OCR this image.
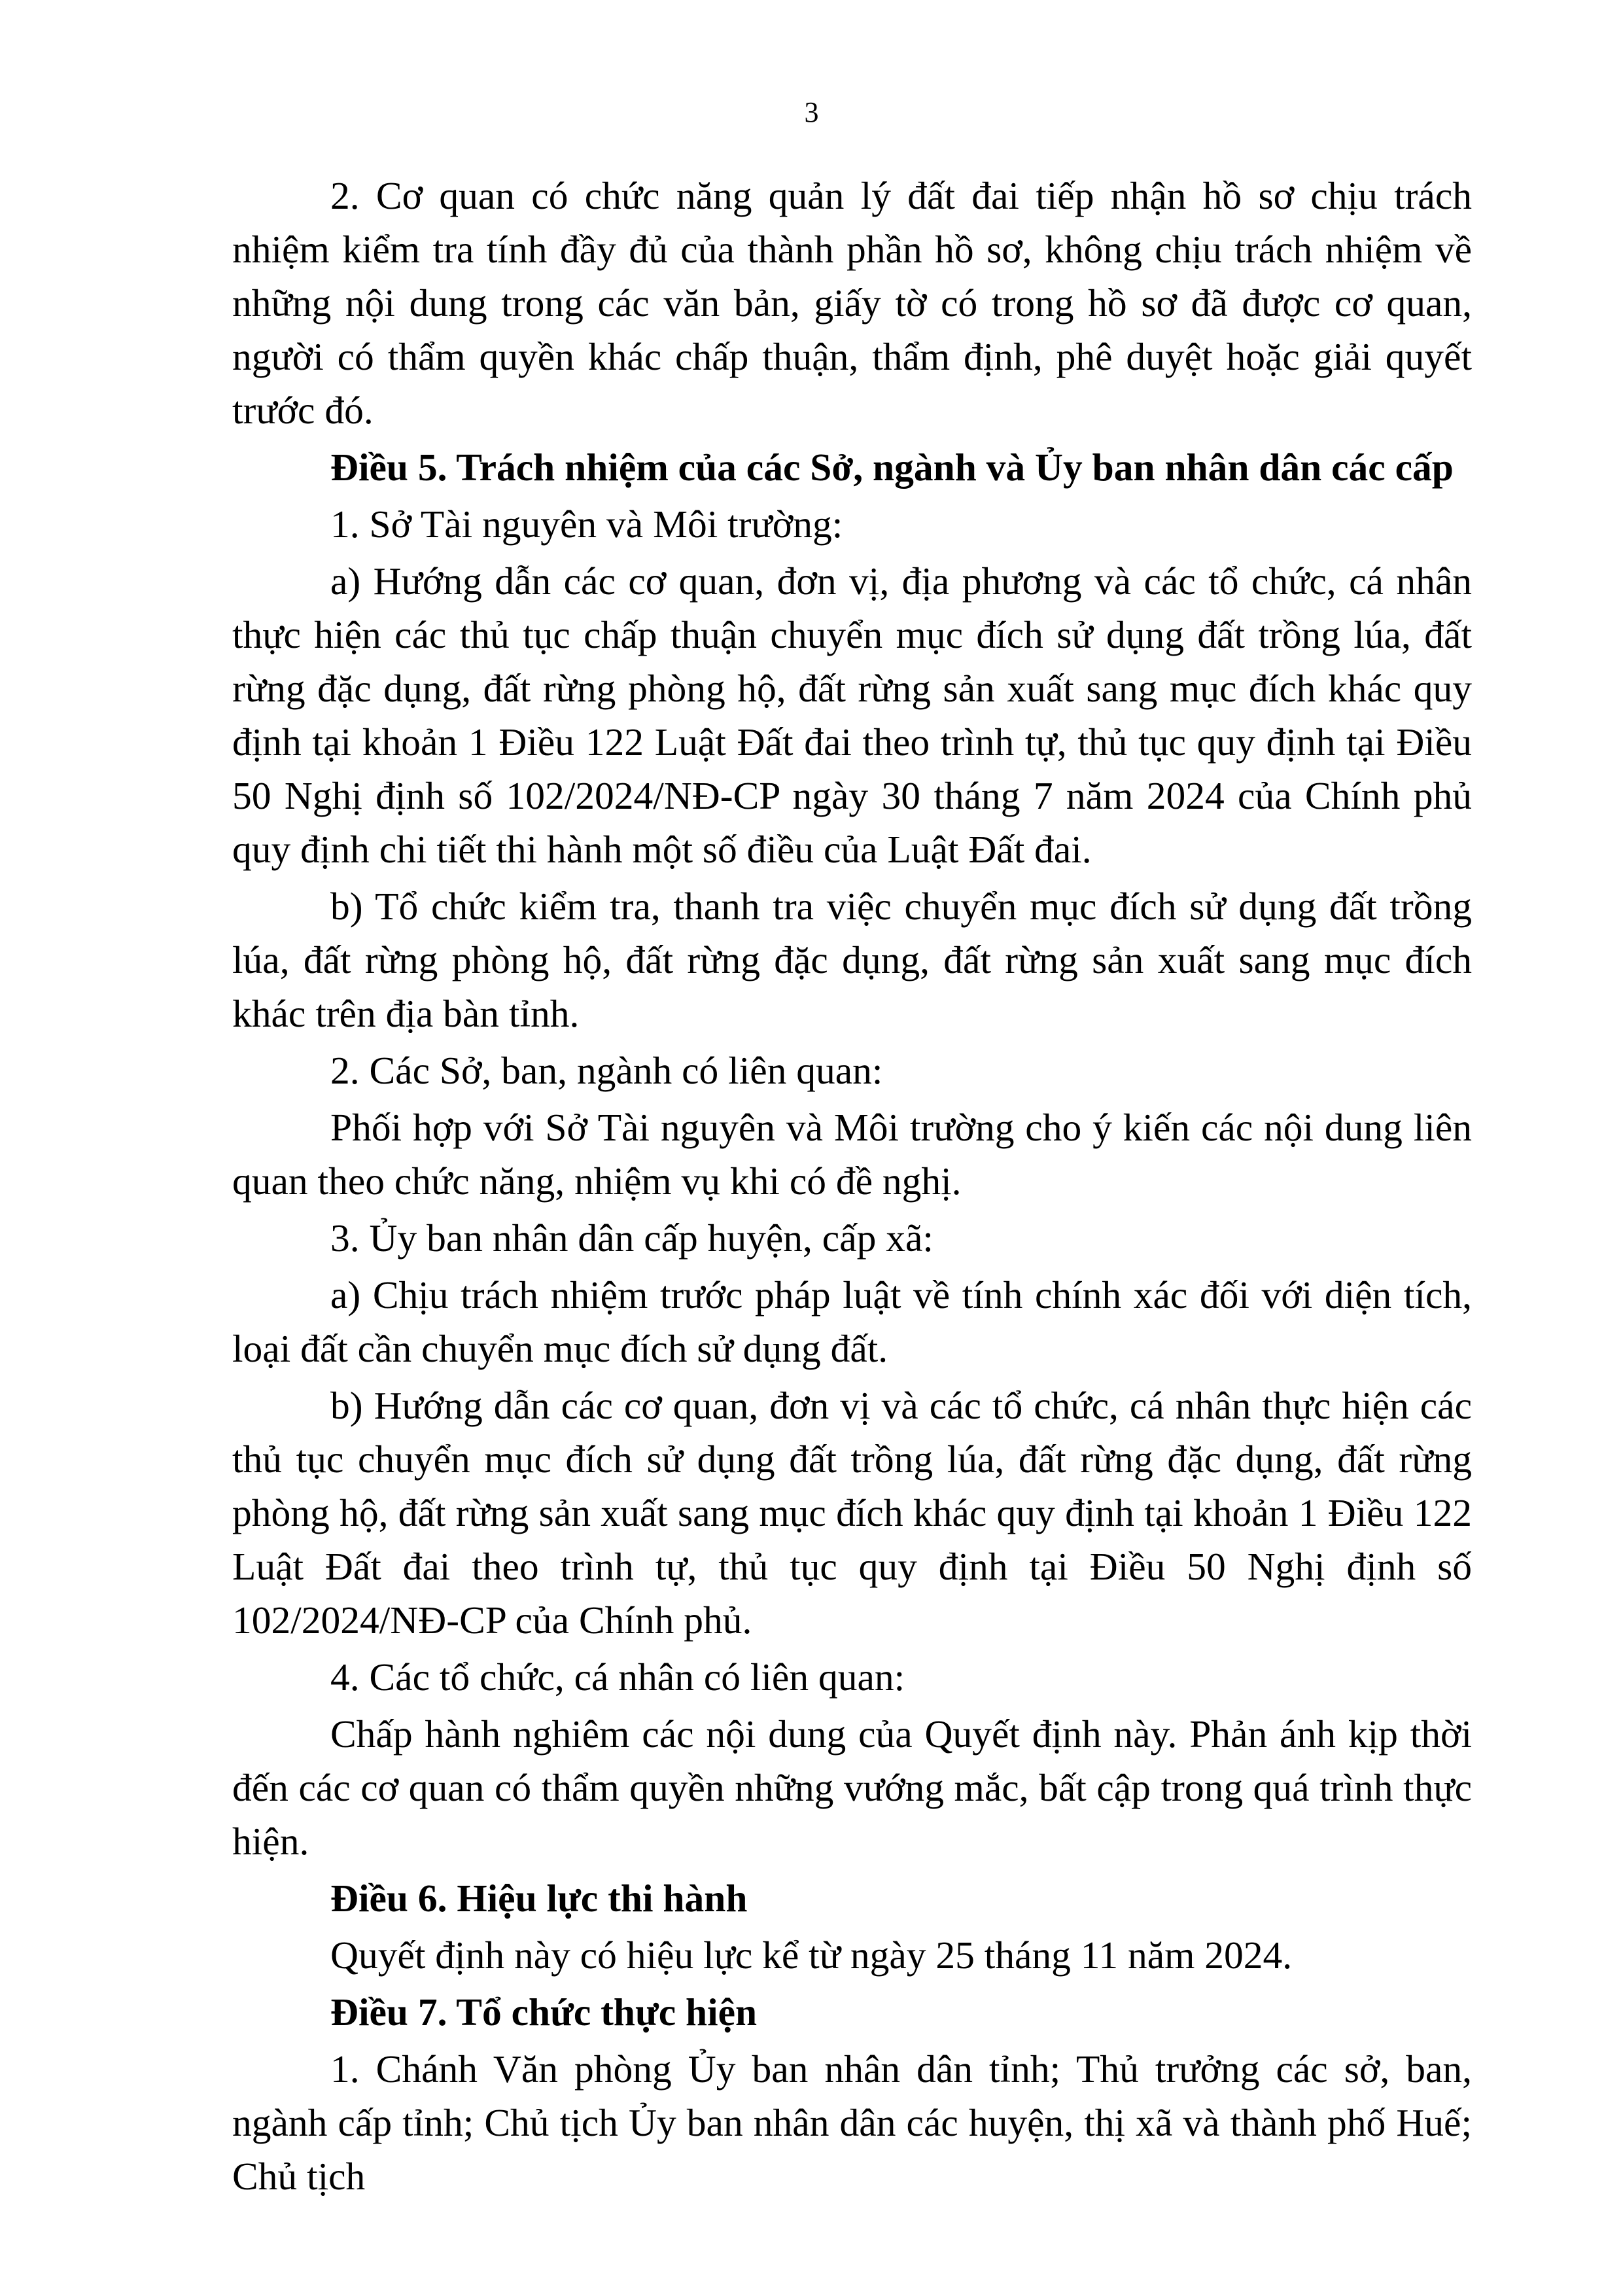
3

2. Cơ quan có chức năng quản lý đất đai tiếp nhận hồ sơ chịu trách nhiệm kiểm tra tính đầy đủ của thành phần hồ sơ, không chịu trách nhiệm về những nội dung trong các văn bản, giấy tờ có trong hồ sơ đã được cơ quan, người có thẩm quyền khác chấp thuận, thẩm định, phê duyệt hoặc giải quyết trước đó.

Điều 5. Trách nhiệm của các Sở, ngành và Ủy ban nhân dân các cấp

1. Sở Tài nguyên và Môi trường:

a) Hướng dẫn các cơ quan, đơn vị, địa phương và các tổ chức, cá nhân thực hiện các thủ tục chấp thuận chuyển mục đích sử dụng đất trồng lúa, đất rừng đặc dụng, đất rừng phòng hộ, đất rừng sản xuất sang mục đích khác quy định tại khoản 1 Điều 122 Luật Đất đai theo trình tự, thủ tục quy định tại Điều 50 Nghị định số 102/2024/NĐ-CP ngày 30 tháng 7 năm 2024 của Chính phủ quy định chi tiết thi hành một số điều của Luật Đất đai.

b) Tổ chức kiểm tra, thanh tra việc chuyển mục đích sử dụng đất trồng lúa, đất rừng phòng hộ, đất rừng đặc dụng, đất rừng sản xuất sang mục đích khác trên địa bàn tỉnh.

2. Các Sở, ban, ngành có liên quan:

Phối hợp với Sở Tài nguyên và Môi trường cho ý kiến các nội dung liên quan theo chức năng, nhiệm vụ khi có đề nghị.

3. Ủy ban nhân dân cấp huyện, cấp xã:

a) Chịu trách nhiệm trước pháp luật về tính chính xác đối với diện tích, loại đất cần chuyển mục đích sử dụng đất.

b) Hướng dẫn các cơ quan, đơn vị và các tổ chức, cá nhân thực hiện các thủ tục chuyển mục đích sử dụng đất trồng lúa, đất rừng đặc dụng, đất rừng phòng hộ, đất rừng sản xuất sang mục đích khác quy định tại khoản 1 Điều 122 Luật Đất đai theo trình tự, thủ tục quy định tại Điều 50 Nghị định số 102/2024/NĐ-CP của Chính phủ.

4. Các tổ chức, cá nhân có liên quan:

Chấp hành nghiêm các nội dung của Quyết định này. Phản ánh kịp thời đến các cơ quan có thẩm quyền những vướng mắc, bất cập trong quá trình thực hiện.

Điều 6. Hiệu lực thi hành

Quyết định này có hiệu lực kể từ ngày 25 tháng 11 năm 2024.

Điều 7. Tổ chức thực hiện

1. Chánh Văn phòng Ủy ban nhân dân tỉnh; Thủ trưởng các sở, ban, ngành cấp tỉnh; Chủ tịch Ủy ban nhân dân các huyện, thị xã và thành phố Huế; Chủ tịch
